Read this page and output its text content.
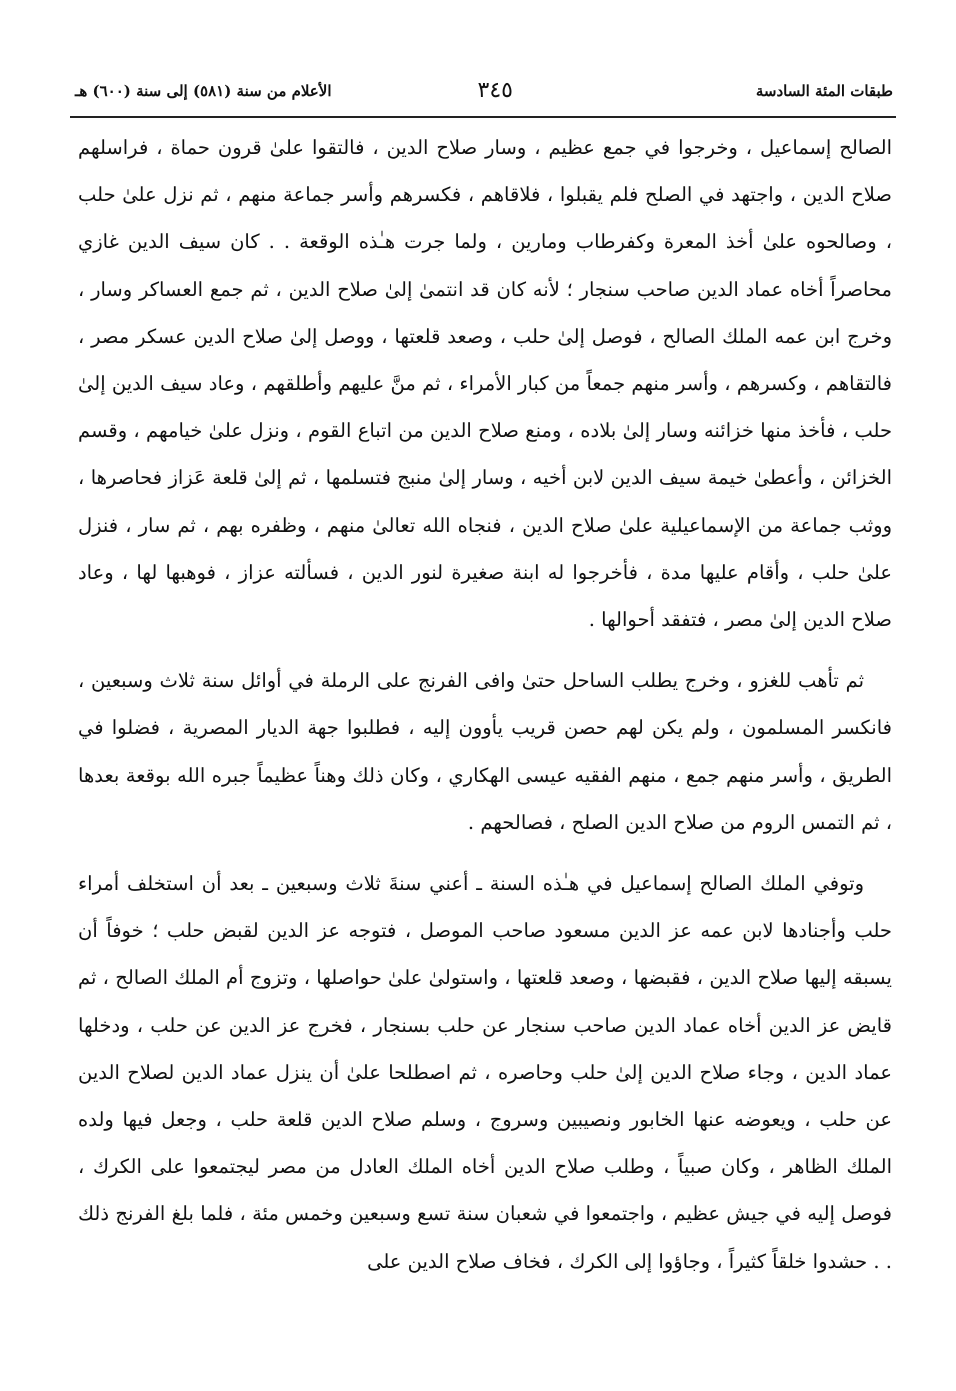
طبقات المئة السادسة
٣٤٥
الأعلام من سنة (٥٨١) إلى سنة (٦٠٠) هـ

الصالح إسماعيل ، وخرجوا في جمع عظيم ، وسار صلاح الدين ، فالتقوا علىٰ قرون حماة ، فراسلهم صلاح الدين ، واجتهد في الصلح فلم يقبلوا ، فلاقاهم ، فكسرهم وأسر جماعة منهم ، ثم نزل علىٰ حلب ، وصالحوه علىٰ أخذ المعرة وكفرطاب ومارين ، ولما جرت هـٰذه الوقعة . . كان سيف الدين غازي محاصراً أخاه عماد الدين صاحب سنجار ؛ لأنه كان قد انتمىٰ إلىٰ صلاح الدين ، ثم جمع العساكر وسار ، وخرج ابن عمه الملك الصالح ، فوصل إلىٰ حلب ، وصعد قلعتها ، ووصل إلىٰ صلاح الدين عسكر مصر ، فالتقاهم ، وكسرهم ، وأسر منهم جمعاً من كبار الأمراء ، ثم منَّ عليهم وأطلقهم ، وعاد سيف الدين إلىٰ حلب ، فأخذ منها خزائنه وسار إلىٰ بلاده ، ومنع صلاح الدين من اتباع القوم ، ونزل علىٰ خيامهم ، وقسم الخزائن ، وأعطىٰ خيمة سيف الدين لابن أخيه ، وسار إلىٰ منبج فتسلمها ، ثم إلىٰ قلعة عَزاز فحاصرها ، ووثب جماعة من الإسماعيلية علىٰ صلاح الدين ، فنجاه الله تعالىٰ منهم ، وظفره بهم ، ثم سار ، فنزل علىٰ حلب ، وأقام عليها مدة ، فأخرجوا له ابنة صغيرة لنور الدين ، فسألته عزاز ، فوهبها لها ، وعاد صلاح الدين إلىٰ مصر ، فتفقد أحوالها .

ثم تأهب للغزو ، وخرج يطلب الساحل حتىٰ وافى الفرنج على الرملة في أوائل سنة ثلاث وسبعين ، فانكسر المسلمون ، ولم يكن لهم حصن قريب يأوون إليه ، فطلبوا جهة الديار المصرية ، فضلوا في الطريق ، وأسر منهم جمع ، منهم الفقيه عيسى الهكاري ، وكان ذلك وهناً عظيماً جبره الله بوقعة بعدها ، ثم التمس الروم من صلاح الدين الصلح ، فصالحهم .

وتوفي الملك الصالح إسماعيل في هـٰذه السنة ـ أعني سنةَ ثلاث وسبعين ـ بعد أن استخلف أمراء حلب وأجنادها لابن عمه عز الدين مسعود صاحب الموصل ، فتوجه عز الدين لقبض حلب ؛ خوفاً أن يسبقه إليها صلاح الدين ، فقبضها ، وصعد قلعتها ، واستولىٰ علىٰ حواصلها ، وتزوج أم الملك الصالح ، ثم قايض عز الدين أخاه عماد الدين صاحب سنجار عن حلب بسنجار ، فخرج عز الدين عن حلب ، ودخلها عماد الدين ، وجاء صلاح الدين إلىٰ حلب وحاصره ، ثم اصطلحا علىٰ أن ينزل عماد الدين لصلاح الدين عن حلب ، ويعوضه عنها الخابور ونصيبين وسروج ، وسلم صلاح الدين قلعة حلب ، وجعل فيها ولده الملك الظاهر ، وكان صبياً ، وطلب صلاح الدين أخاه الملك العادل من مصر ليجتمعوا على الكرك ، فوصل إليه في جيش عظيم ، واجتمعوا في شعبان سنة تسع وسبعين وخمس مئة ، فلما بلغ الفرنج ذلك . . حشدوا خلقاً كثيراً ، وجاؤوا إلى الكرك ، فخاف صلاح الدين على
